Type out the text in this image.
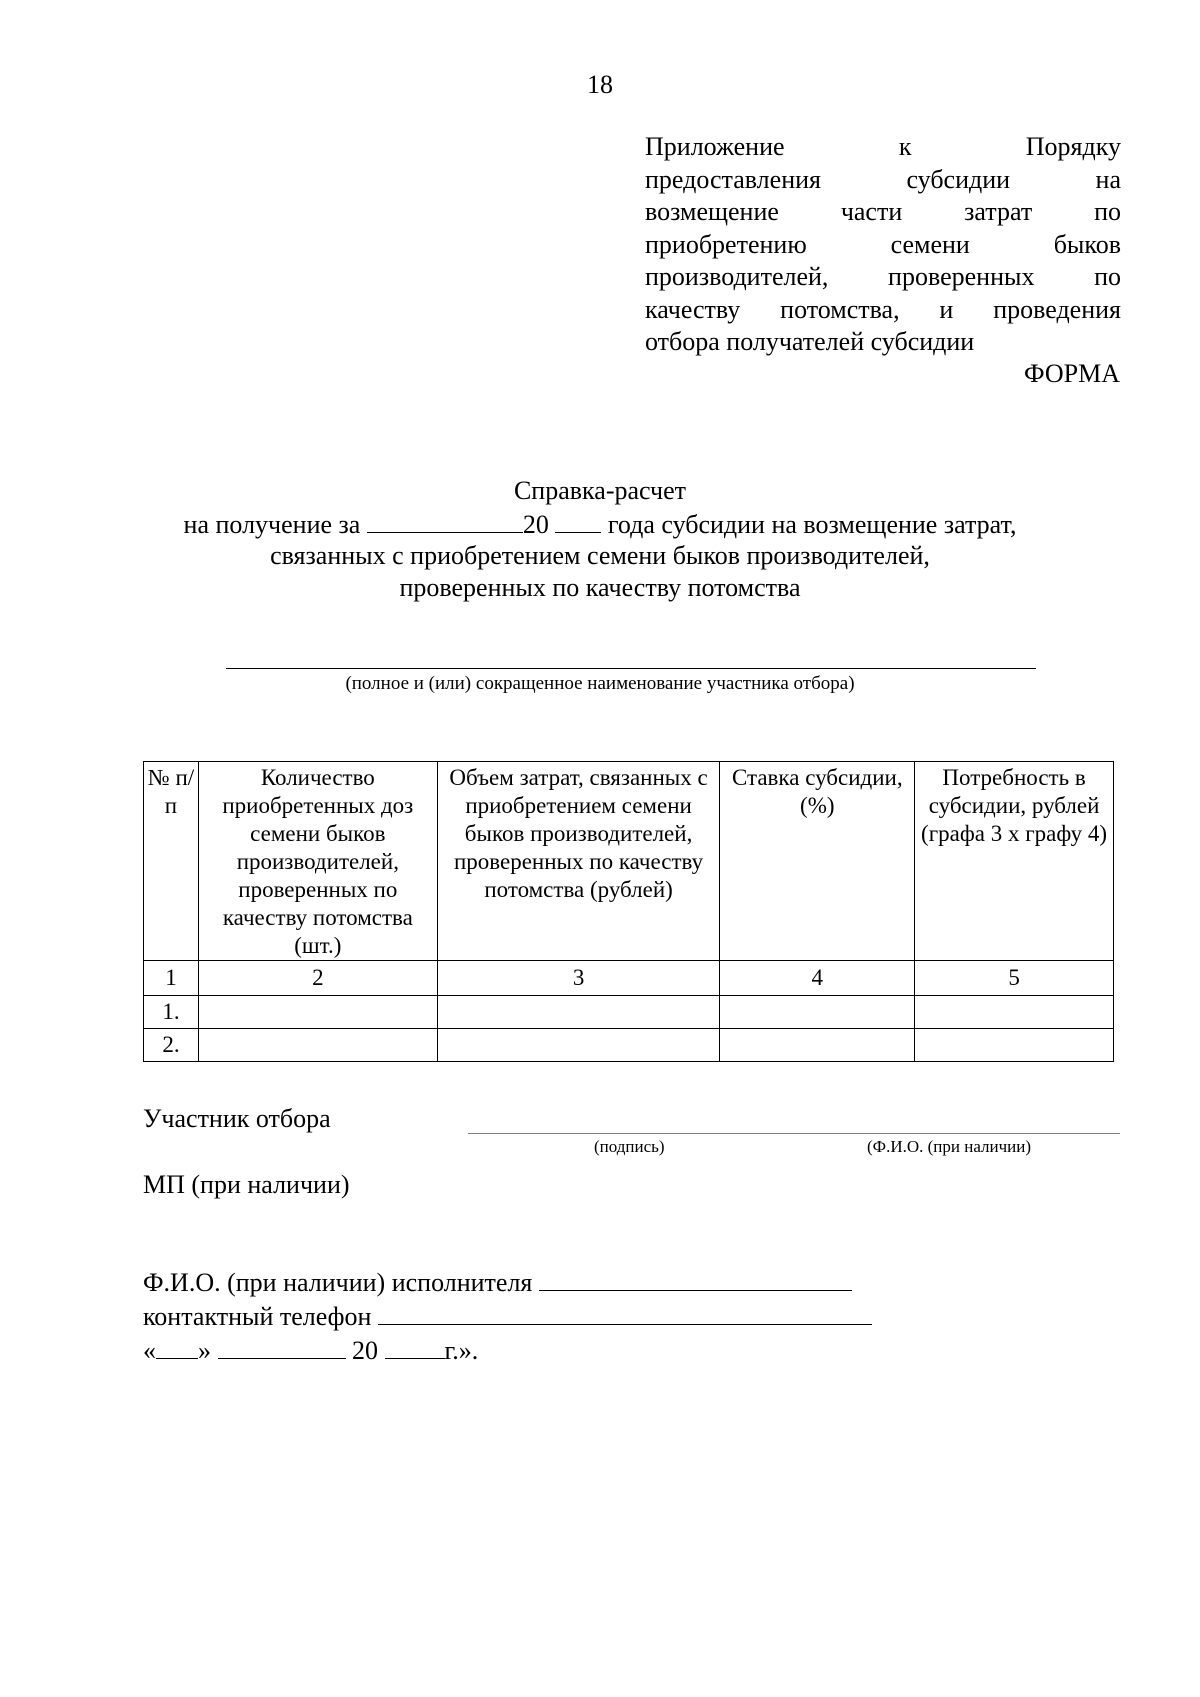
18
Приложение к Порядку
предоставления субсидии на
возмещение части затрат по
приобретению семени быков
производителей, проверенных по
качеству потомства, и проведения
отбора получателей субсидии
ФОРМА
Справка-расчет
на получение за	20 года субсидии на возмещение затрат,
связанных с приобретением семени быков производителей,
проверенных по качеству потомства
(полное и (или) сокращенное наименование участника отбора)
№ п/п	Количество приобретенных доз семени быков производителей, проверенных по качеству потомства (шт.)	Объем затрат, связанных с приобретением семени быков производителей, проверенных по качеству потомства (рублей)	Ставка субсидии, (%)	Потребность в субсидии, рублей (графа 3 х графу 4)
1	2	3	4	5
1.				
2.				
Участник отбора
(подпись)	(Ф.И.О. (при наличии)
МП (при наличии)
Ф.И.О. (при наличии) исполнителя
контактный телефон
« »	20	г.».
